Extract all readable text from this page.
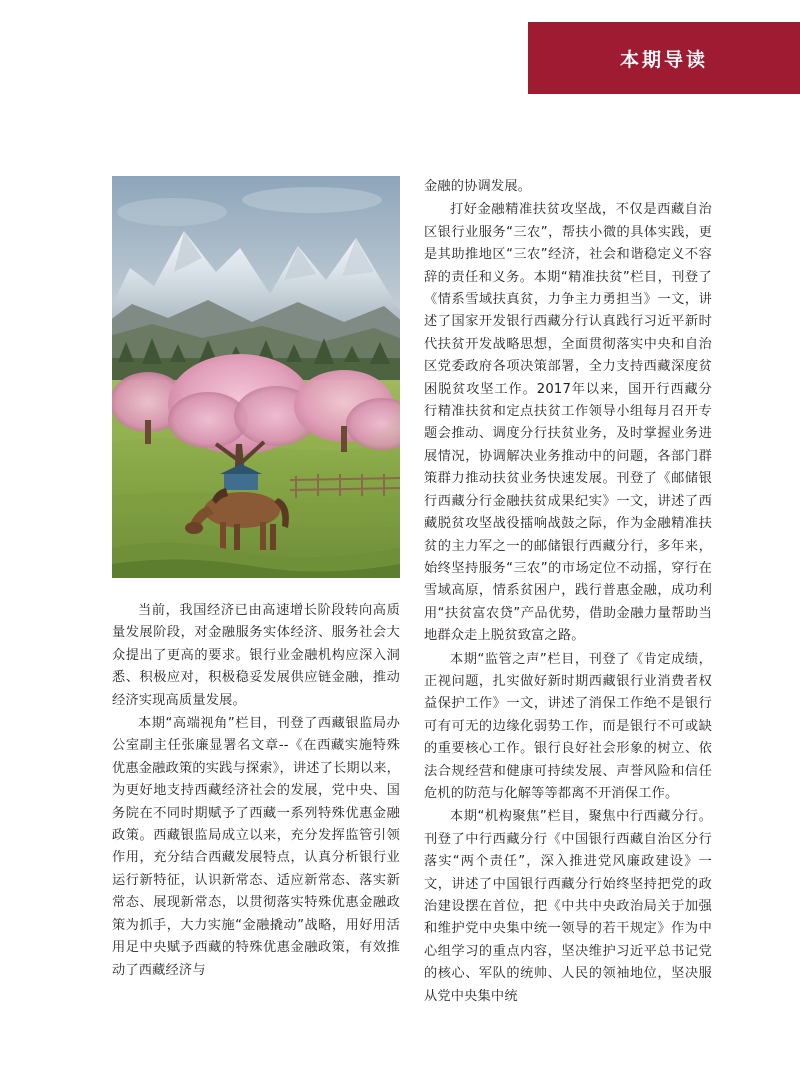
本期导读

当前，我国经济已由高速增长阶段转向高质量发展阶段，对金融服务实体经济、服务社会大众提出了更高的要求。银行业金融机构应深入洞悉、积极应对，积极稳妥发展供应链金融，推动经济实现高质量发展。

本期“高端视角”栏目，刊登了西藏银监局办公室副主任张廉显署名文章--《在西藏实施特殊优惠金融政策的实践与探索》，讲述了长期以来，为更好地支持西藏经济社会的发展，党中央、国务院在不同时期赋予了西藏一系列特殊优惠金融政策。西藏银监局成立以来，充分发挥监管引领作用，充分结合西藏发展特点，认真分析银行业运行新特征，认识新常态、适应新常态、落实新常态、展现新常态，以贯彻落实特殊优惠金融政策为抓手，大力实施“金融撬动”战略，用好用活用足中央赋予西藏的特殊优惠金融政策，有效推动了西藏经济与

金融的协调发展。

打好金融精准扶贫攻坚战，不仅是西藏自治区银行业服务“三农”，帮扶小微的具体实践，更是其助推地区“三农”经济，社会和谐稳定义不容辞的责任和义务。本期“精准扶贫”栏目，刊登了《情系雪域扶真贫，力争主力勇担当》一文，讲述了国家开发银行西藏分行认真践行习近平新时代扶贫开发战略思想，全面贯彻落实中央和自治区党委政府各项决策部署，全力支持西藏深度贫困脱贫攻坚工作。2017年以来，国开行西藏分行精准扶贫和定点扶贫工作领导小组每月召开专题会推动、调度分行扶贫业务，及时掌握业务进展情况，协调解决业务推动中的问题，各部门群策群力推动扶贫业务快速发展。刊登了《邮储银行西藏分行金融扶贫成果纪实》一文，讲述了西藏脱贫攻坚战役擂响战鼓之际，作为金融精准扶贫的主力军之一的邮储银行西藏分行，多年来，始终坚持服务“三农”的市场定位不动摇，穿行在雪域高原，情系贫困户，践行普惠金融，成功利用“扶贫富农贷”产品优势，借助金融力量帮助当地群众走上脱贫致富之路。

本期“监管之声”栏目，刊登了《肯定成绩，正视问题，扎实做好新时期西藏银行业消费者权益保护工作》一文，讲述了消保工作绝不是银行可有可无的边缘化弱势工作，而是银行不可或缺的重要核心工作。银行良好社会形象的树立、依法合规经营和健康可持续发展、声誉风险和信任危机的防范与化解等等都离不开消保工作。

本期“机构聚焦”栏目，聚焦中行西藏分行。刊登了中行西藏分行《中国银行西藏自治区分行落实“两个责任”，深入推进党风廉政建设》一文，讲述了中国银行西藏分行始终坚持把党的政治建设摆在首位，把《中共中央政治局关于加强和维护党中央集中统一领导的若干规定》作为中心组学习的重点内容，坚决维护习近平总书记党的核心、军队的统帅、人民的领袖地位，坚决服从党中央集中统
